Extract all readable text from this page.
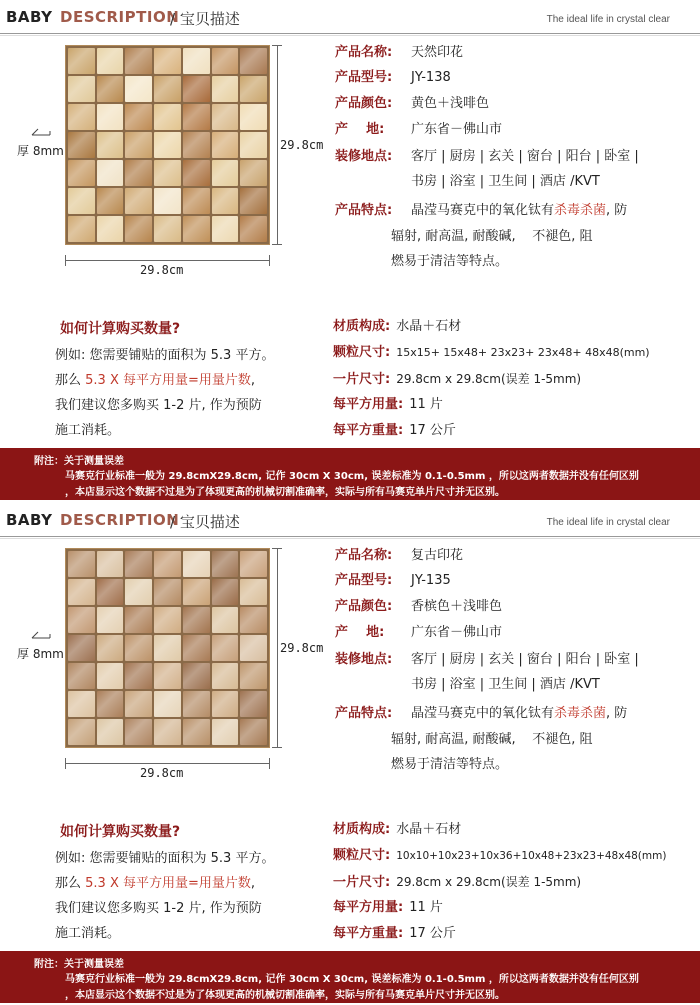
BABY DESCRIPTION
/ 宝贝描述	The ideal life in crystal clear
厚 8mm	29.8cm
29.8cm
产品名称: 天然印花
产品型号: JY-138
产品颜色: 黄色＋浅啡色
产    地: 广东省－佛山市
装修地点: 客厅 | 厨房 | 玄关 | 窗台 | 阳台 | 卧室 |
书房 | 浴室 | 卫生间 | 酒店 /KVT
产品特点: 晶滢马赛克中的氧化钛有杀毒杀菌, 防
辐射, 耐高温, 耐酸碱,    不褪色, 阻
燃易于清洁等特点。
如何计算购买数量?
例如: 您需要铺贴的面积为 5.3 平方。
那么 5.3 X 每平方用量=用量片数,
我们建议您多购买 1-2 片, 作为预防
施工消耗。
材质构成: 水晶＋石材
颗粒尺寸: 15x15+ 15x48+ 23x23+ 23x48+ 48x48(mm)
一片尺寸: 29.8cm x 29.8cm(误差 1-5mm)
每平方用量: 11 片
每平方重量: 17 公斤
附注：关于测量误差
马赛克行业标准一般为 29.8cmX29.8cm, 记作 30cm X 30cm, 误差标准为 0.1-0.5mm ，所以这两者数据并没有任何区别
，本店显示这个数据不过是为了体现更高的机械切割准确率，实际与所有马赛克单片尺寸并无区别。
BABY DESCRIPTION
/ 宝贝描述	The ideal life in crystal clear
厚 8mm	29.8cm
29.8cm
产品名称: 复古印花
产品型号: JY-135
产品颜色: 香槟色＋浅啡色
产    地: 广东省－佛山市
装修地点: 客厅 | 厨房 | 玄关 | 窗台 | 阳台 | 卧室 |
书房 | 浴室 | 卫生间 | 酒店 /KVT
产品特点: 晶滢马赛克中的氧化钛有杀毒杀菌, 防
辐射, 耐高温, 耐酸碱,    不褪色, 阻
燃易于清洁等特点。
如何计算购买数量?
例如: 您需要铺贴的面积为 5.3 平方。
那么 5.3 X 每平方用量=用量片数,
我们建议您多购买 1-2 片, 作为预防
施工消耗。
材质构成: 水晶＋石材
颗粒尺寸: 10x10+10x23+10x36+10x48+23x23+48x48(mm)
一片尺寸: 29.8cm x 29.8cm(误差 1-5mm)
每平方用量: 11 片
每平方重量: 17 公斤
附注：关于测量误差
马赛克行业标准一般为 29.8cmX29.8cm, 记作 30cm X 30cm, 误差标准为 0.1-0.5mm ，所以这两者数据并没有任何区别
，本店显示这个数据不过是为了体现更高的机械切割准确率，实际与所有马赛克单片尺寸并无区别。
